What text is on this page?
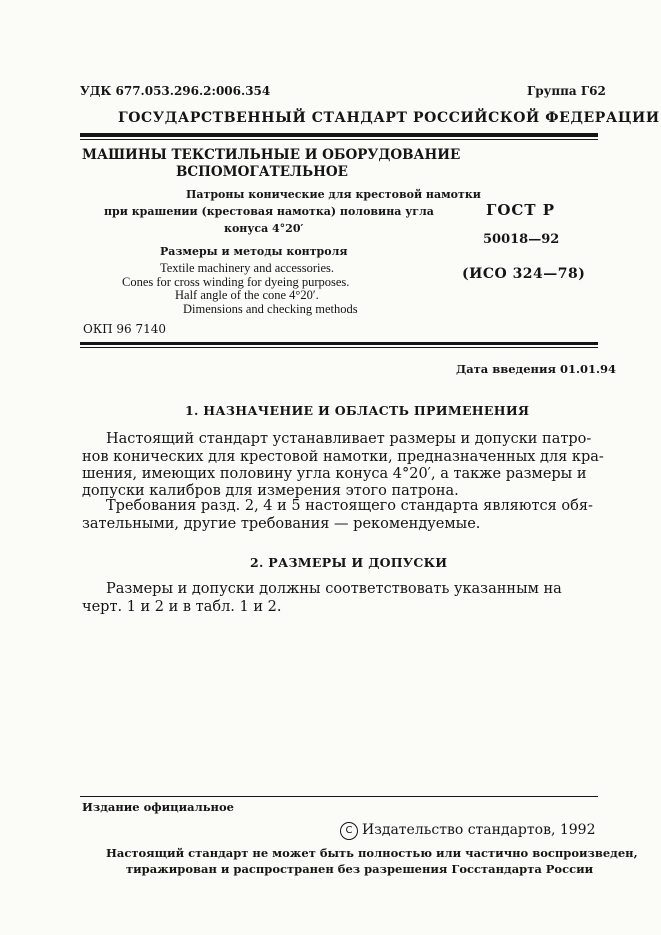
УДК 677.053.296.2:006.354	Группа Г62
ГОСУДАРСТВЕННЫЙ СТАНДАРТ РОССИЙСКОЙ ФЕДЕРАЦИИ
МАШИНЫ ТЕКСТИЛЬНЫЕ И ОБОРУДОВАНИЕ
ВСПОМОГАТЕЛЬНОЕ
Патроны конические для крестовой намотки
при крашении (крестовая намотка) половина угла
конуса 4°20′
Размеры и методы контроля
Textile machinery and accessories.
Cones for cross winding for dyeing purposes.
Half angle of the cone 4°20′.
Dimensions and checking methods
ГОСТ Р
50018—92
(ИСО 324—78)
ОКП 96 7140
Дата введения 01.01.94
1. НАЗНАЧЕНИЕ И ОБЛАСТЬ ПРИМЕНЕНИЯ
Настоящий стандарт устанавливает размеры и допуски патро-
нов конических для крестовой намотки, предназначенных для кра-
шения, имеющих половину угла конуса 4°20′, а также размеры и
допуски калибров для измерения этого патрона.
Требования разд. 2, 4 и 5 настоящего стандарта являются обя-
зательными, другие требования — рекомендуемые.
2. РАЗМЕРЫ И ДОПУСКИ
Размеры и допуски должны соответствовать указанным на
черт. 1 и 2 и в табл. 1 и 2.
Издание официальное
C Издательство стандартов, 1992
Настоящий стандарт не может быть полностью или частично воспроизведен,
тиражирован и распространен без разрешения Госстандарта России
